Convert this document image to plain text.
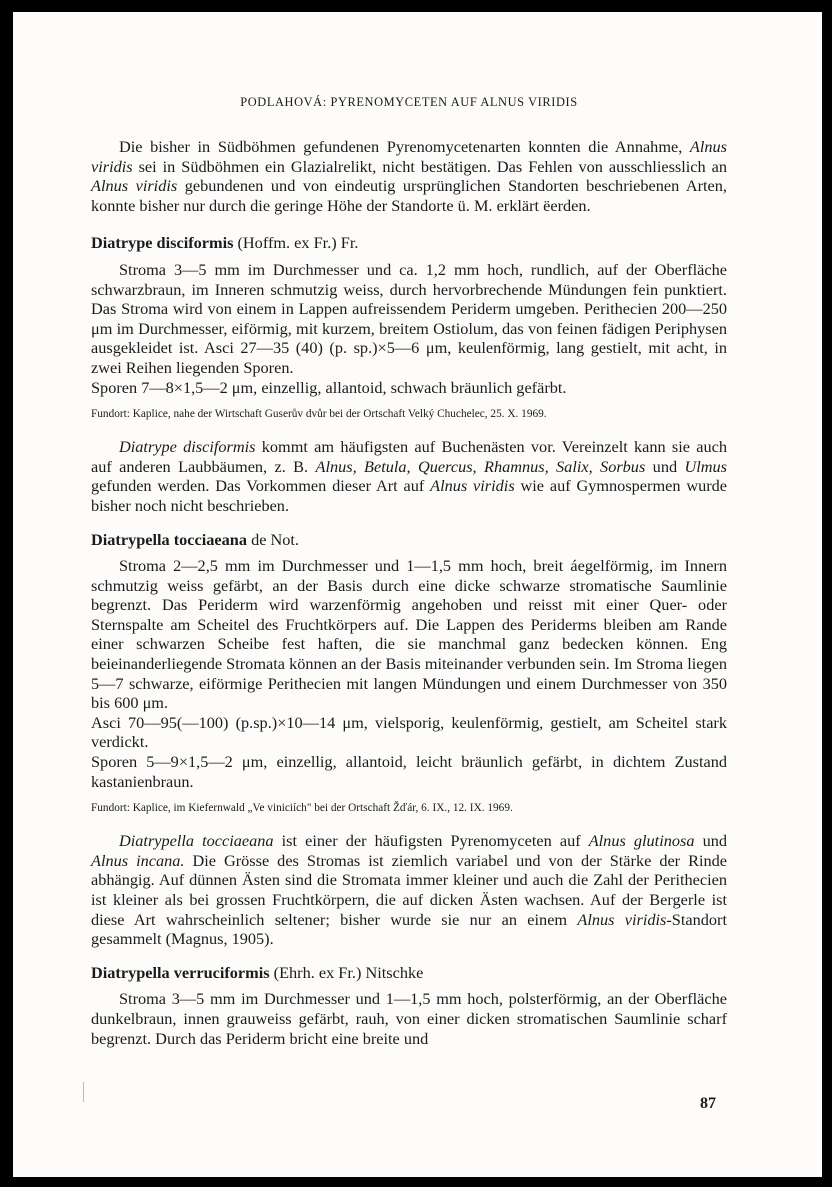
PODLAHOVÁ: PYRENOMYCETEN AUF ALNUS VIRIDIS

Die bisher in Südböhmen gefundenen Pyrenomycetenarten konnten die Annahme, Alnus viridis sei in Südböhmen ein Glazialrelikt, nicht bestätigen. Das Fehlen von ausschliesslich an Alnus viridis gebundenen und von eindeutig ursprünglichen Standorten beschriebenen Arten, konnte bisher nur durch die geringe Höhe der Standorte ü. M. erklärt ëerden.

Diatrype disciformis (Hoffm. ex Fr.) Fr.

Stroma 3—5 mm im Durchmesser und ca. 1,2 mm hoch, rundlich, auf der Oberfläche schwarzbraun, im Inneren schmutzig weiss, durch hervorbrechende Mündungen fein punktiert. Das Stroma wird von einem in Lappen aufreissendem Periderm umgeben. Perithecien 200—250 μm im Durchmesser, eiförmig, mit kurzem, breitem Ostiolum, das von feinen fädigen Periphysen ausgekleidet ist. Asci 27—35 (40) (p. sp.)×5—6 μm, keulenförmig, lang gestielt, mit acht, in zwei Reihen liegenden Sporen.

Sporen 7—8×1,5—2 μm, einzellig, allantoid, schwach bräunlich gefärbt.

Fundort: Kaplice, nahe der Wirtschaft Guserův dvůr bei der Ortschaft Velký Chuchelec, 25. X. 1969.

Diatrype disciformis kommt am häufigsten auf Buchenästen vor. Vereinzelt kann sie auch auf anderen Laubbäumen, z. B. Alnus, Betula, Quercus, Rhamnus, Salix, Sorbus und Ulmus gefunden werden. Das Vorkommen dieser Art auf Alnus viridis wie auf Gymnospermen wurde bisher noch nicht beschrieben.

Diatrypella tocciaeana de Not.

Stroma 2—2,5 mm im Durchmesser und 1—1,5 mm hoch, breit áegelförmig, im Innern schmutzig weiss gefärbt, an der Basis durch eine dicke schwarze stromatische Saumlinie begrenzt. Das Periderm wird warzenförmig angehoben und reisst mit einer Quer- oder Sternspalte am Scheitel des Fruchtkörpers auf. Die Lappen des Periderms bleiben am Rande einer schwarzen Scheibe fest haften, die sie manchmal ganz bedecken können. Eng beieinanderliegende Stromata können an der Basis miteinander verbunden sein. Im Stroma liegen 5—7 schwarze, eiförmige Perithecien mit langen Mündungen und einem Durchmesser von 350 bis 600 μm.

Asci 70—95(—100) (p.sp.)×10—14 μm, vielsporig, keulenförmig, gestielt, am Scheitel stark verdickt.

Sporen 5—9×1,5—2 μm, einzellig, allantoid, leicht bräunlich gefärbt, in dichtem Zustand kastanienbraun.

Fundort: Kaplice, im Kiefernwald „Ve viniciích" bei der Ortschaft Žďár, 6. IX., 12. IX. 1969.

Diatrypella tocciaeana ist einer der häufigsten Pyrenomyceten auf Alnus glutinosa und Alnus incana. Die Grösse des Stromas ist ziemlich variabel und von der Stärke der Rinde abhängig. Auf dünnen Ästen sind die Stromata immer kleiner und auch die Zahl der Perithecien ist kleiner als bei grossen Fruchtkörpern, die auf dicken Ästen wachsen. Auf der Bergerle ist diese Art wahrscheinlich seltener; bisher wurde sie nur an einem Alnus viridis-Standort gesammelt (Magnus, 1905).

Diatrypella verruciformis (Ehrh. ex Fr.) Nitschke

Stroma 3—5 mm im Durchmesser und 1—1,5 mm hoch, polsterförmig, an der Oberfläche dunkelbraun, innen grauweiss gefärbt, rauh, von einer dicken stromatischen Saumlinie scharf begrenzt. Durch das Periderm bricht eine breite und

87
